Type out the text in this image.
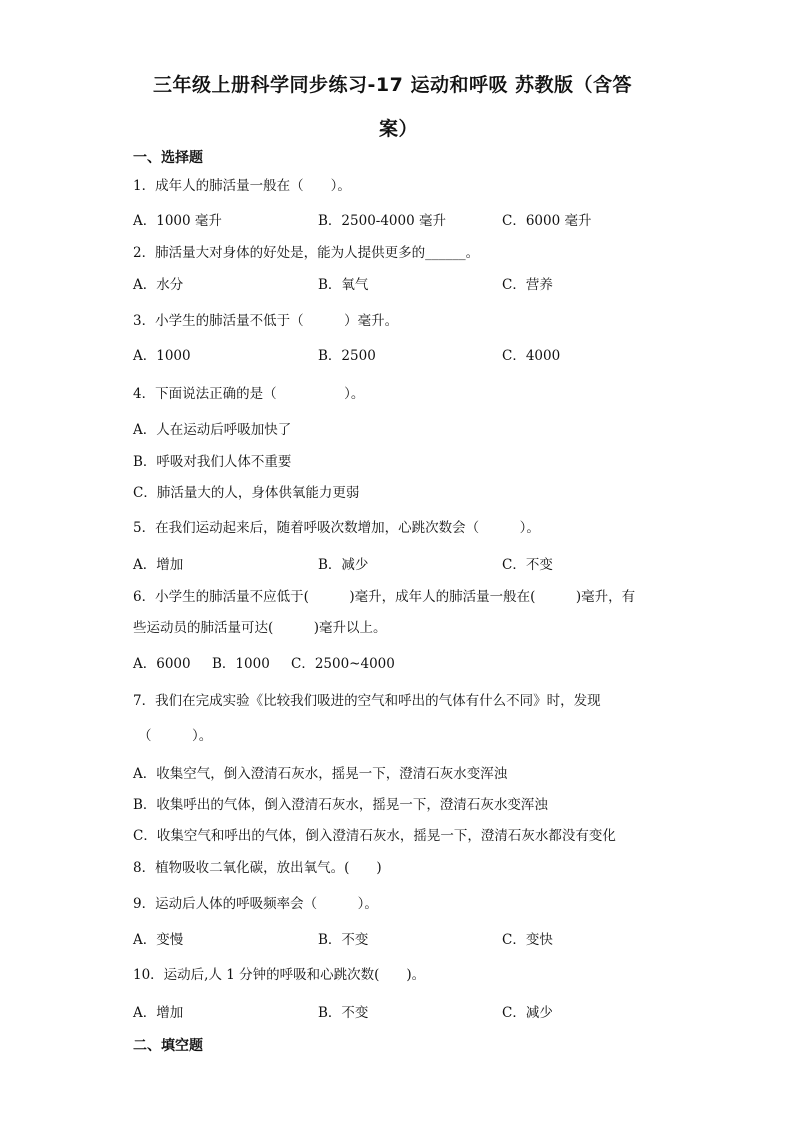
三年级上册科学同步练习-17 运动和呼吸 苏教版（含答
案）
一、选择题
1．成年人的肺活量一般在（　　）。
A．1000 毫升	B．2500-4000 毫升	C．6000 毫升
2．肺活量大对身体的好处是，能为人提供更多的______。
A．水分	B．氧气	C．营养
3．小学生的肺活量不低于（　　　）毫升。
A．1000	B．2500	C．4000
4．下面说法正确的是（　　　　　）。
A．人在运动后呼吸加快了
B．呼吸对我们人体不重要
C．肺活量大的人，身体供氧能力更弱
5．在我们运动起来后，随着呼吸次数增加，心跳次数会（　　　）。
A．增加	B．减少	C．不变
6．小学生的肺活量不应低于(　　　)毫升，成年人的肺活量一般在(　　　)毫升，有
些运动员的肺活量可达(　　　)毫升以上。
A．6000 B．1000 C．2500~4000
7．我们在完成实验《比较我们吸进的空气和呼出的气体有什么不同》时，发现
（　　　）。
A．收集空气，倒入澄清石灰水，摇晃一下，澄清石灰水变浑浊
B．收集呼出的气体，倒入澄清石灰水，摇晃一下，澄清石灰水变浑浊
C．收集空气和呼出的气体，倒入澄清石灰水，摇晃一下，澄清石灰水都没有变化
8．植物吸收二氧化碳，放出氧气。(　　)
9．运动后人体的呼吸频率会（　　　）。
A．变慢	B．不变	C．变快
10．运动后,人 1 分钟的呼吸和心跳次数(　　)。
A．增加	B．不变	C．减少
二、填空题
